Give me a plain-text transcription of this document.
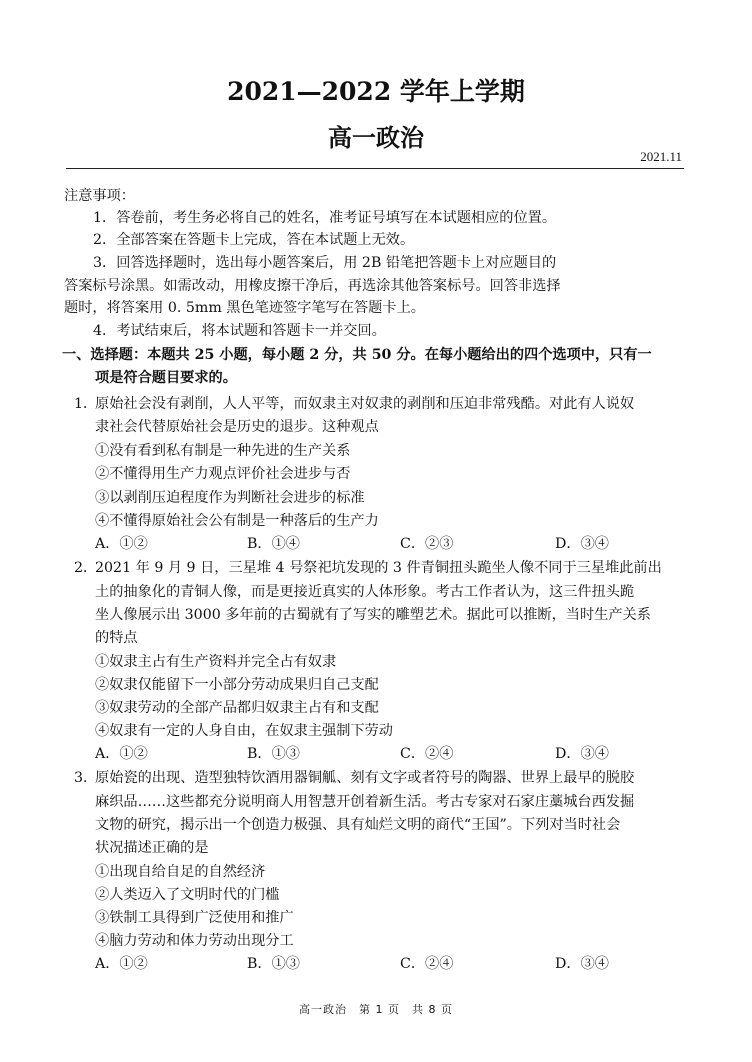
2021—2022 学年上学期
高一政治
2021.11
注意事项：
1．答卷前，考生务必将自己的姓名，准考证号填写在本试题相应的位置。
2．全部答案在答题卡上完成，答在本试题上无效。
3．回答选择题时，选出每小题答案后，用 2B 铅笔把答题卡上对应题目的
答案标号涂黑。如需改动，用橡皮擦干净后，再选涂其他答案标号。回答非选择
题时，将答案用 0. 5mm 黑色笔迹签字笔写在答题卡上。
4．考试结束后，将本试题和答题卡一并交回。
一、选择题：本题共 25 小题，每小题 2 分，共 50 分。在每小题给出的四个选项中，只有一
项是符合题目要求的。
1．
原始社会没有剥削，人人平等，而奴隶主对奴隶的剥削和压迫非常残酷。对此有人说奴
隶社会代替原始社会是历史的退步。这种观点
①没有看到私有制是一种先进的生产关系
②不懂得用生产力观点评价社会进步与否
③以剥削压迫程度作为判断社会进步的标准
④不懂得原始社会公有制是一种落后的生产力
A．①②	B．①④	C．②③	D．③④
2．
2021 年 9 月 9 日，三星堆 4 号祭祀坑发现的 3 件青铜扭头跪坐人像不同于三星堆此前出
土的抽象化的青铜人像，而是更接近真实的人体形象。考古工作者认为，这三件扭头跪
坐人像展示出 3000 多年前的古蜀就有了写实的雕塑艺术。据此可以推断，当时生产关系
的特点
①奴隶主占有生产资料并完全占有奴隶
②奴隶仅能留下一小部分劳动成果归自己支配
③奴隶劳动的全部产品都归奴隶主占有和支配
④奴隶有一定的人身自由，在奴隶主强制下劳动
A．①②	B．①③	C．②④	D．③④
3．
原始瓷的出现、造型独特饮酒用器铜觚、刻有文字或者符号的陶器、世界上最早的脱胶
麻织品……这些都充分说明商人用智慧开创着新生活。考古专家对石家庄藁城台西发掘
文物的研究，揭示出一个创造力极强、具有灿烂文明的商代“王国”。下列对当时社会
状况描述正确的是
①出现自给自足的自然经济
②人类迈入了文明时代的门槛
③铁制工具得到广泛使用和推广
④脑力劳动和体力劳动出现分工
A．①②	B．①③	C．②④	D．③④
高一政治　第 1 页　共 8 页
